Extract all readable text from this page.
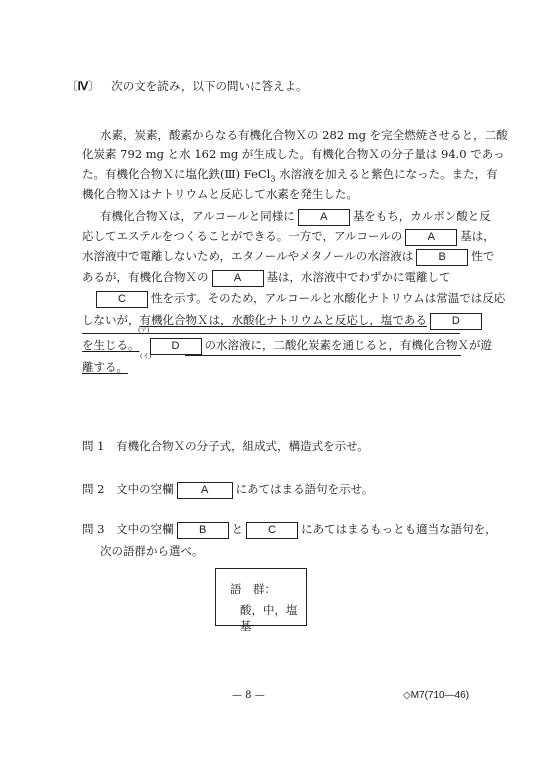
〔Ⅳ〕 次の文を読み，以下の問いに答えよ。
水素，炭素，酸素からなる有機化合物Ｘの 282 mg を完全燃焼させると，二酸
化炭素 792 mg と水 162 mg が生成した。有機化合物Ｘの分子量は 94.0 であっ
た。有機化合物Ｘに塩化鉄(Ⅲ) FeCl$_3$ 水溶液を加えると紫色になった。また，有
機化合物Ｘはナトリウムと反応して水素を発生した。
有機化合物Ｘは，アルコールと同様に A 基をもち，カルボン酸と反
応してエステルをつくることができる。一方で，アルコールの A 基は，
水溶液中で電離しないため，エタノールやメタノールの水溶液は B 性で
あるが，有機化合物Ｘの A 基は，水溶液中でわずかに電離して
C 性を示す。そのため，アルコールと水酸化ナトリウムは常温では反応
しないが，有機化合物Ｘは，水酸化ナトリウムと反応し，塩である D
(ア)
を生じる。	D の水溶液に，二酸化炭素を通じると，有機化合物Ｘが遊
(イ)
離する。
問 1 有機化合物Ｘの分子式，組成式，構造式を示せ。
問 2 文中の空欄 A にあてはまる語句を示せ。
問 3 文中の空欄 B と C にあてはまるもっとも適当な語句を，
次の語群から選べ。
語　群：
酸，中，塩基
— 8 —	◇M7(710—46)
